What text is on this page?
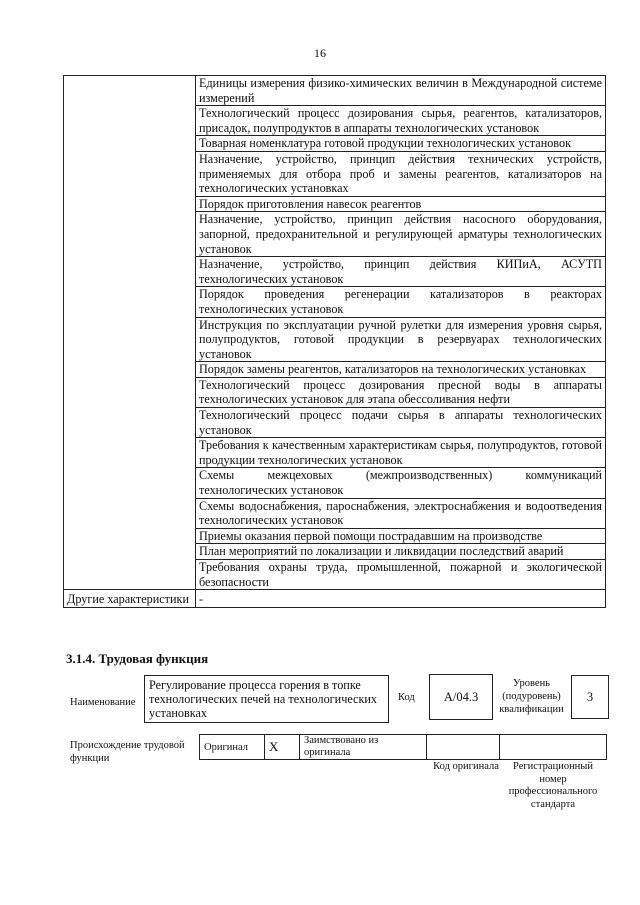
16
	Единицы измерения физико-химических величин в Международной системе измерений
	Технологический процесс дозирования сырья, реагентов, катализаторов, присадок, полупродуктов в аппараты технологических установок
	Товарная номенклатура готовой продукции технологических установок
	Назначение, устройство, принцип действия технических устройств, применяемых для отбора проб и замены реагентов, катализаторов на технологических установках
	Порядок приготовления навесок реагентов
	Назначение, устройство, принцип действия насосного оборудования, запорной, предохранительной и регулирующей арматуры технологических установок
	Назначение, устройство, принцип действия КИПиА, АСУТП технологических установок
	Порядок проведения регенерации катализаторов в реакторах технологических установок
	Инструкция по эксплуатации ручной рулетки для измерения уровня сырья, полупродуктов, готовой продукции в резервуарах технологических установок
	Порядок замены реагентов, катализаторов на технологических установках
	Технологический процесс дозирования пресной воды в аппараты технологических установок для этапа обессоливания нефти
	Технологический процесс подачи сырья в аппараты технологических установок
	Требования к качественным характеристикам сырья, полупродуктов, готовой продукции технологических установок
	Схемы межцеховых (межпроизводственных) коммуникаций технологических установок
	Схемы водоснабжения, пароснабжения, электроснабжения и водоотведения технологических установок
	Приемы оказания первой помощи пострадавшим на производстве
	План мероприятий по локализации и ликвидации последствий аварий
	Требования охраны труда, промышленной, пожарной и экологической безопасности
Другие характеристики	-
3.1.4. Трудовая функция
Наименование
Регулирование процесса горения в топке технологических печей на технологических установках
Код	A/04.3
Уровень (подуровень) квалификации
3
Происхождение трудовой функции
Оригинал	X	Заимствовано из оригинала		
Код оригинала	Регистрационный номер профессионального стандарта
